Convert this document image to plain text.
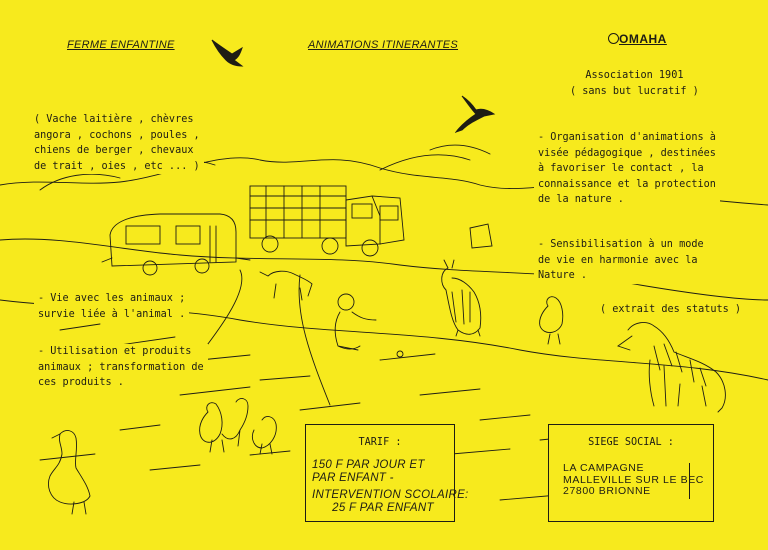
FERME ENFANTINE	ANIMATIONS ITINERANTES	OMAHA
( Vache laitière , chèvres
angora , cochons , poules ,
chiens de berger , chevaux
de trait , oies , etc ... )
- Vie avec les animaux ;
survie liée à l'animal .
- Utilisation et produits
animaux ; transformation de
ces produits .
Association 1901
( sans but lucratif )
- Organisation d'animations à
visée pédagogique , destinées
à favoriser le contact , la
connaissance et la protection
de la nature .
- Sensibilisation à un mode
de vie en harmonie avec la
Nature .
( extrait des statuts )
TARIF :
150 F PAR JOUR ET
PAR ENFANT -
INTERVENTION SCOLAIRE:
25 F PAR ENFANT
SIEGE SOCIAL :
LA CAMPAGNE
MALLEVILLE SUR LE BEC
27800 BRIONNE
